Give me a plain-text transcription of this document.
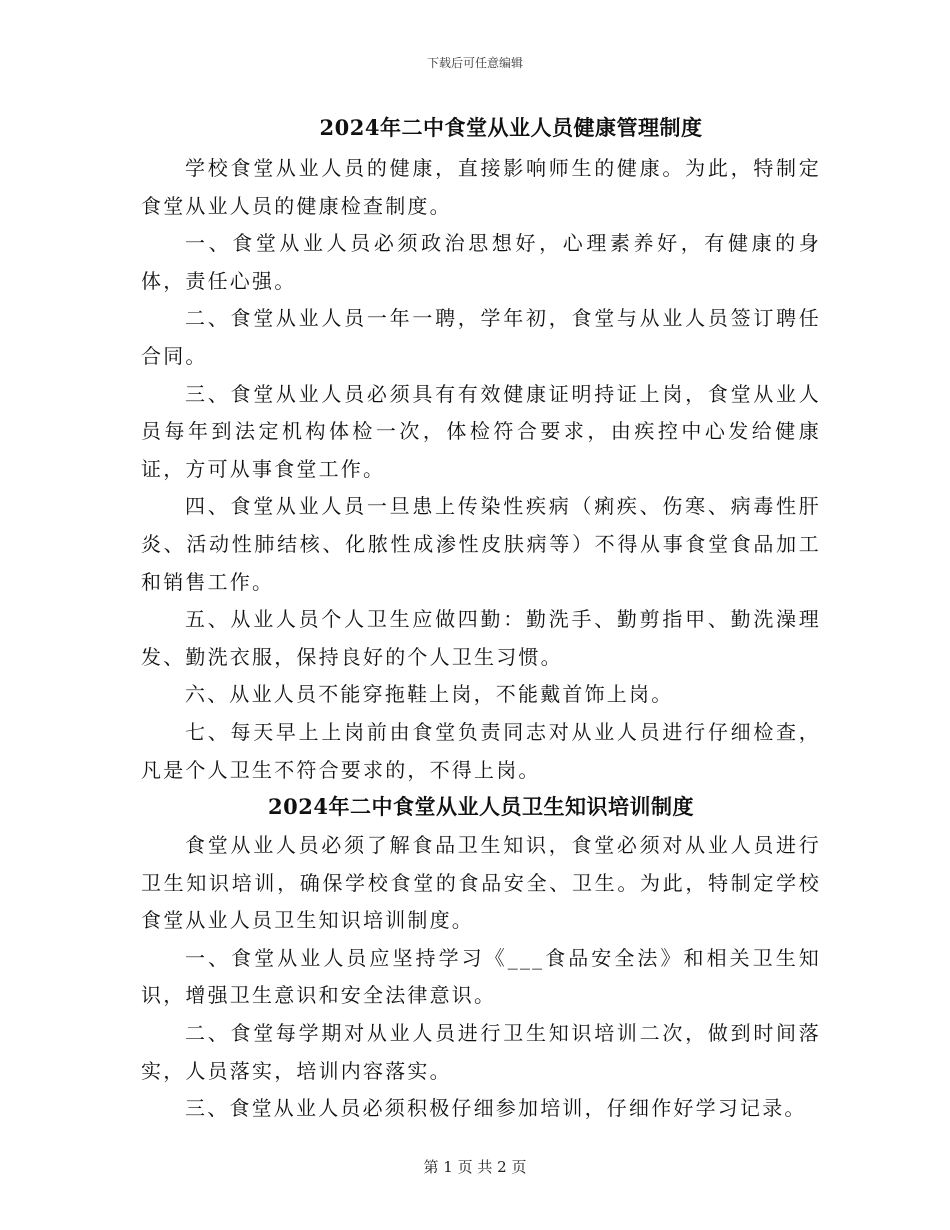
下载后可任意编辑
2024年二中食堂从业人员健康管理制度

学校食堂从业人员的健康，直接影响师生的健康。为此，特制定食堂从业人员的健康检查制度。

一、食堂从业人员必须政治思想好，心理素养好，有健康的身体，责任心强。

二、食堂从业人员一年一聘，学年初，食堂与从业人员签订聘任合同。

三、食堂从业人员必须具有有效健康证明持证上岗，食堂从业人员每年到法定机构体检一次，体检符合要求，由疾控中心发给健康证，方可从事食堂工作。

四、食堂从业人员一旦患上传染性疾病（痢疾、伤寒、病毒性肝炎、活动性肺结核、化脓性成渗性皮肤病等）不得从事食堂食品加工和销售工作。

五、从业人员个人卫生应做四勤：勤洗手、勤剪指甲、勤洗澡理发、勤洗衣服，保持良好的个人卫生习惯。

六、从业人员不能穿拖鞋上岗，不能戴首饰上岗。

七、每天早上上岗前由食堂负责同志对从业人员进行仔细检查，凡是个人卫生不符合要求的，不得上岗。

2024年二中食堂从业人员卫生知识培训制度

食堂从业人员必须了解食品卫生知识，食堂必须对从业人员进行卫生知识培训，确保学校食堂的食品安全、卫生。为此，特制定学校食堂从业人员卫生知识培训制度。

一、食堂从业人员应坚持学习《___食品安全法》和相关卫生知识，增强卫生意识和安全法律意识。

二、食堂每学期对从业人员进行卫生知识培训二次，做到时间落实，人员落实，培训内容落实。

三、食堂从业人员必须积极仔细参加培训，仔细作好学习记录。

第 1 页 共 2 页
